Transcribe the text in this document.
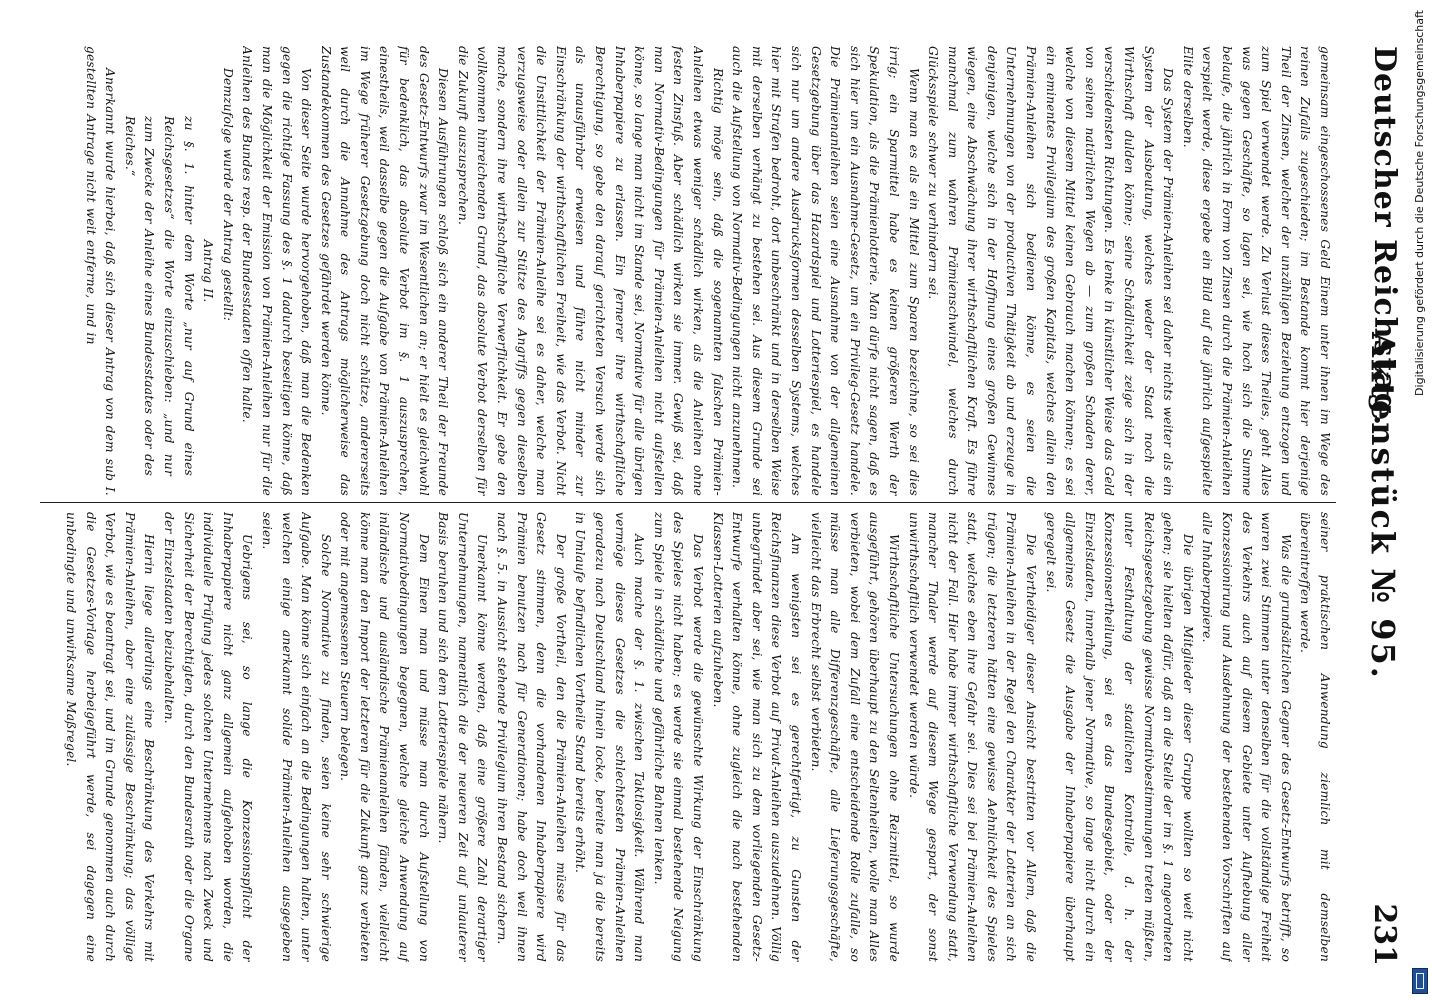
Deutscher Reichstag.
Aktenstück № 95.
231

gemeinsam eingeschossenes Geld Einem unter ihnen im Wege des reinen Zufalls zugeschieden; im Bestande kommt hier derjenige Theil der Zinsen, welcher der unzähligen Beziehung entzogen und zum Spiel verwendet werde. Zu Verlust dieses Theiles, geht Alles was gegen Geschäfte, so lagen sei, wie hoch sich die Summe belaufe, die jährlich in Form von Zinsen durch die Prämien-Anleihen verspielt werde, diese ergebe ein Bild auf die jährlich aufgespielte Elite derselben.

Das System der Prämien-Anleihen sei daher nichts weiter als ein System der Ausbeutung, welches weder der Staat noch die Wirthschaft dulden könne; seine Schädlichkeit zeige sich in der verschiedensten Richtungen. Es lenke in künstlicher Weise das Geld von seinen natürlichen Wegen ab — zum großen Schaden derer, welche von diesem Mittel keinen Gebrauch machen können; es sei ein eminentes Privilegium des großen Kapitals, welches allein den Prämien-Anleihen sich bedienen könne, es seien die Unternehmungen von der productiven Thätigkeit ab und erzeuge in denjenigen, welche sich in der Hoffnung eines großen Gewinnes wiegen, eine Abschwächung ihrer wirthschaftlichen Kraft. Es führe manchmal zum wahren Prämienschwindel, welches durch Glücksspiele schwer zu verhindern sei.

Wenn man es als ein Mittel zum Sparen bezeichne, so sei dies irrig; ein Sparmittel habe es keinen größeren Werth der Spekulation, als die Prämienlotterie. Man dürfe nicht sagen, daß es sich hier um ein Ausnahme-Gesetz, um ein Privileg-Gesetz handele. Die Prämienanleihen seien eine Ausnahme von der allgemeinen Gesetzgebung über das Hazardspiel und Lotteriespiel, es handele sich nur um andere Ausdrucksformen desselben Systems, welches hier mit Strafen bedroht, dort unbeschränkt und in derselben Weise mit derselben verhängt zu bestehen sei. Aus diesem Grunde sei auch die Aufstellung von Normativ-Bedingungen nicht anzunehmen.

Richtig möge sein, daß die sogenannten falschen Prämien-Anleihen etwas weniger schädlich wirken, als die Anleihen ohne festen Zinsfuß. Aber schädlich wirken sie immer. Gewiß sei, daß man Normativ-Bedingungen für Prämien-Anleihen nicht aufstellen könne, so lange man nicht im Stande sei, Normative für alle übrigen Inhaberpapiere zu erlassen. Ein fernerer ihre wirthschaftliche Berechtigung, so gebe den darauf gerichteten Versuch werde sich als unausführbar erweisen und führe nicht minder zur Einschränkung der wirthschaftlichen Freiheit, wie das Verbot. Nicht die Unsittlichkeit der Prämien-Anleihe sei es daher, welche man verzugsweise oder allein zur Stütze des Angriffs gegen dieselben mache, sondern ihre wirthschaftliche Verwerflichkeit. Er gebe den vollkommen hinreichenden Grund, das absolute Verbot derselben für die Zukunft auszusprechen.

Diesen Ausführungen schloß sich ein anderer Theil der Freunde des Gesetz-Entwurfs zwar im Wesentlichen an; er hielt es gleichwohl für bedenklich, das absolute Verbot im §. 1 auszusprechen, einestheils, weil dasselbe gegen die Aufgabe von Prämien-Anleihen im Wege früherer Gesetzgebung doch nicht schütze, andererseits weil durch die Annahme des Antrags möglicherweise das Zustandekommen des Gesetzes gefährdet werden könne.

Von dieser Seite wurde hervorgehoben, daß man die Bedenken gegen die richtige Fassung des §. 1 dadurch beseitigen könne, daß man die Möglichkeit der Emission von Prämien-Anleihen nur für die Anleihen des Bundes resp. der Bundesstaaten offen halte.

Demzufolge wurde der Antrag gestellt:

Antrag II.

zu §. 1. hinter dem Worte „nur auf Grund eines Reichsgesetzes“ die Worte einzuschieben: „und nur zum Zwecke der Anleihe eines Bundesstaates oder des Reiches.“

Anerkannt wurde hierbei, daß sich dieser Antrag von dem sub I. gestellten Antrage nicht weit entferne, und in

seiner praktischen Anwendung ziemlich mit demselben übereintreffen werde.

Was die grundsätzlichen Gegner des Gesetz-Entwurfs betrifft, so waren zwei Stimmen unter denselben für die vollständige Freiheit des Verkehrs auch auf diesem Gebiete unter Aufhebung aller Konzessionirung und Ausdehnung der bestehenden Vorschriften auf alle Inhaberpapiere.

Die übrigen Mitglieder dieser Gruppe wollten so weit nicht gehen; sie hielten dafür, daß an die Stelle der im §. 1 angeordneten Reichsgesetzgebung gewisse Normativbestimmungen treten müßten, unter Festhaltung der staatlichen Kontrolle, d. h. der Konzessionsertheilung, sei es das Bundesgebiet, oder der Einzelstaaten, innerhalb jener Normative, so lange nicht durch ein allgemeines Gesetz die Ausgabe der Inhaberpapiere überhaupt geregelt sei.

Die Vertheidiger dieser Ansicht bestritten vor Allem, daß die Prämien-Anleihen in der Regel den Charakter der Lotterien an sich trügen; die letzteren hätten eine gewisse Aehnlichkeit des Spieles statt, welches eben ihre Gefahr sei. Dies sei bei Prämien-Anleihen nicht der Fall. Hier habe immer wirthschaftliche Verwendung statt, mancher Thaler werde auf diesem Wege gespart, der sonst unwirthschaftlich verwendet werden würde.

Wirthschaftliche Untersuchungen ohne Reizmittel, so wurde ausgeführt, gehören überhaupt zu den Seltenheiten, wolle man Alles verbieten, wobei dem Zufall eine entscheidende Rolle zufalle, so müsse man alle Differenzgeschäfte, alle Lieferungsgeschäfte, vielleicht das Erbrecht selbst verbieten.

Am wenigsten sei es gerechtfertigt, zu Gunsten der Reichsfinanzen diese Verbot auf Privat-Anleihen auszudehnen. Völlig unbegründet aber sei, wie man sich zu dem vorliegenden Gesetz-Entwurfe verhalten könne, ohne zugleich die nach bestehenden Klassen-Lotterien aufzuheben.

Das Verbot werde die gewünschte Wirkung der Einschränkung des Spieles nicht haben; es werde sie einmal bestehende Neigung zum Spiele in schädliche und gefährliche Bahnen lenken.

Auch mache der §. 1. zwischen Taktlosigkeit. Während man vermöge dieses Gesetzes die schlechtesten Prämien-Anleihen geradezu nach Deutschland hinein locke, bereite man ja die bereits in Umlaufe befindlichen Vortheile Stand bereits erhöht.

Der große Vortheil, den die Prämien-Anleihen müsse für das Gesetz stimmen, denn die vorhandenen Inhaberpapiere wird Prämien benutzen nach für Generationen; habe doch weil ihnen nach §. 5. in Aussicht stehende Privilegium ihren Bestand sichern.

Unerkannt könne werden, daß eine größere Zahl derartiger Unternehmungen, namentlich die der neueren Zeit auf unlauterer Basis beruhen und sich dem Lotteriespiele nähern.

Dem Einen man und müsse man durch Aufstellung von Normativbedingungen begegnen, welche gleiche Anwendung auf inländische und ausländische Prämienanleihen fänden, vielleicht könne man den Import der letzteren für die Zukunft ganz verbieten oder mit angemessenen Steuern belegen.

Solche Normative zu finden, seien keine sehr schwierige Aufgabe. Man könne sich einfach an die Bedingungen halten, unter welchen einige anerkannt solide Prämien-Anleihen ausgegeben seien.

Uebrigens sei, so lange die Konzessionspflicht der Inhaberpapiere nicht ganz allgemein aufgehoben worden, die individuelle Prüfung jedes solchen Unternehmens nach Zweck und Sicherheit der Berechtigten, durch den Bundesrath oder die Organe der Einzelstaaten beizubehalten.

Hierin liege allerdings eine Beschränkung des Verkehrs mit Prämien-Anleihen, aber eine zulässige Beschränkung; das völlige Verbot, wie es beantragt sei, und im Grunde genommen auch durch die Gesetzes-Vorlage herbeigeführt werde, sei dagegen eine unbedingte und unwirksame Maßregel.

Digitalisierung gefördert durch die Deutsche Forschungsgemeinschaft
